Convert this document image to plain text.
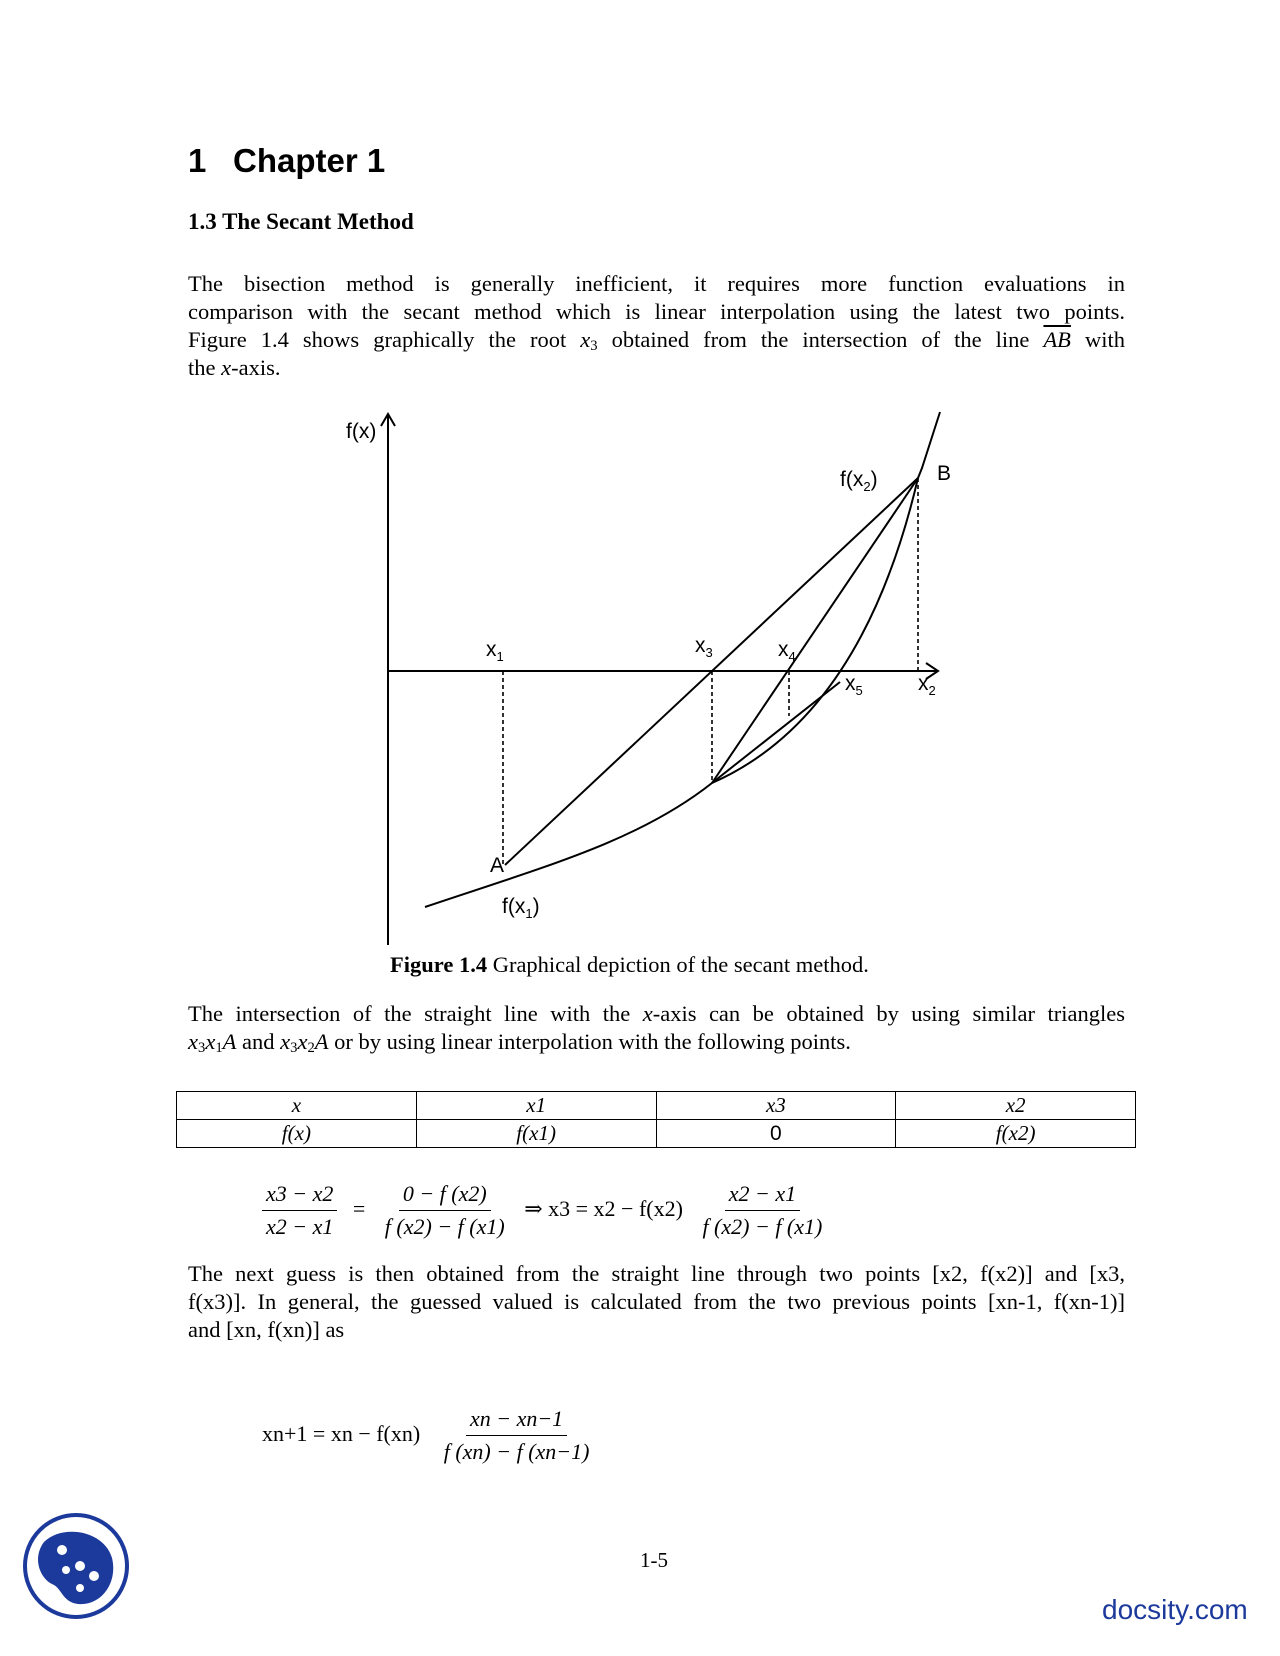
1 Chapter 1
1.3 The Secant Method
The bisection method is generally inefficient, it requires more function evaluations in
comparison with the secant method which is linear interpolation using the latest two points.
Figure 1.4 shows graphically the root $x_3$ obtained from the intersection of the line $\overline{AB}$ with
the x-axis.
f(x)
$f(x_2)$	B
$x_1$	$x_3$	$x_4$
$x_5$	$x_2$
A
$f(x_1)$
Figure 1.4 Graphical depiction of the secant method.
The intersection of the straight line with the x-axis can be obtained by using similar triangles
$x_3x_1A$ and $x_3x_2A$ or by using linear interpolation with the following points.
x	x1	x3	x2
f(x)	f(x1)	0	f(x2)
$\frac{x3 - x2}{x2 - x1} = \frac{0 - f (x2)}{f (x2) - f (x1)}$ ⇒ $x3 = x2 - f(x2) \frac{x2 - x1}{f (x2) - f (x1)}$
The next guess is then obtained from the straight line through two points [x2, f(x2)] and [x3,
f(x3)]. In general, the guessed valued is calculated from the two previous points [xn-1, f(xn-1)]
and [xn, f(xn)] as
xn+1 = xn − $f(xn) \frac{xn - xn-1}{f (xn) - f (xn-1)}$
1-5
docsity.com
